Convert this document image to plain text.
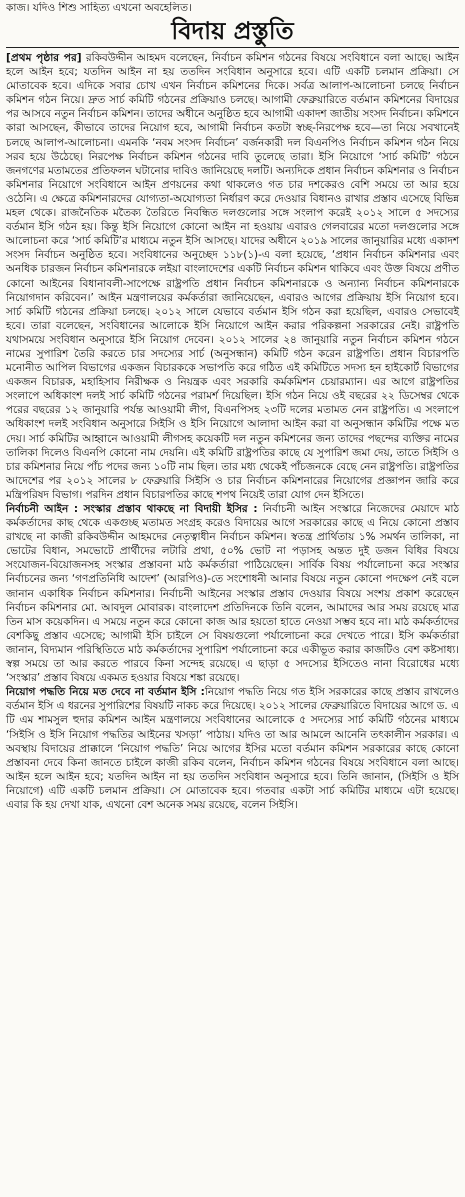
কাজ। যদিও শিশু সাহিত্য এখনো অবহেলিত।
বিদায় প্রস্তুতি

[প্রথম পৃষ্ঠার পর] রকিবউদ্দীন আহমদ বলেছেন, নির্বাচন কমিশন গঠনের বিষয়ে সংবিধানে বলা আছে। আইন হলে আইন হবে; যতদিন আইন না হয় ততদিন সংবিধান অনুসারে হবে। এটি একটি চলমান প্রক্রিয়া। সে মোতাবেক হবে। এদিকে সবার চোখ এখন নির্বাচন কমিশনের দিকে। সর্বত্র আলাপ-আলোচনা চলছে নির্বাচন কমিশন গঠন নিয়ে। দ্রুত সার্চ কমিটি গঠনের প্রক্রিয়াও চলছে। আগামী ফেব্রুয়ারিতে বর্তমান কমিশনের বিদায়ের পর আসবে নতুন নির্বাচন কমিশন। তাদের অধীনে অনুষ্ঠিত হবে আগামী একাদশ জাতীয় সংসদ নির্বাচন। কমিশনে কারা আসছেন, কীভাবে তাদের নিয়োগ হবে, আগামী নির্বাচন কতটা স্বচ্ছ-নিরপেক্ষ হবে—তা নিয়ে সবখানেই চলছে আলাপ-আলোচনা। এমনকি ‘নবম সংসদ নির্বাচন’ বর্জনকারী দল বিএনপিও নির্বাচন কমিশন গঠন নিয়ে সরব হয়ে উঠেছে। নিরপেক্ষ নির্বাচন কমিশন গঠনের দাবি তুলেছে তারা। ইসি নিয়োগে ‘সার্চ কমিটি’ গঠনে জনগণের মতামতের প্রতিফলন ঘটানোর দাবিও জানিয়েছে দলটি। অন্যদিকে প্রধান নির্বাচন কমিশনার ও নির্বাচন কমিশনার নিয়োগে সংবিধানে আইন প্রণয়নের কথা থাকলেও গত চার দশকেরও বেশি সময়ে তা আর হয়ে ওঠেনি। এ ক্ষেত্রে কমিশনারদের যোগ্যতা-অযোগ্যতা নির্ধারণ করে দেওয়ার বিধানও রাখার প্রস্তাব এসেছে বিভিন্ন মহল থেকে। রাজনৈতিক মতৈক্য তৈরিতে নিবন্ধিত দলগুলোর সঙ্গে সংলাপ করেই ২০১২ সালে ৫ সদস্যের বর্তমান ইসি গঠন হয়। কিন্তু ইসি নিয়োগে কোনো আইন না হওয়ায় এবারও গেলবারের মতো দলগুলোর সঙ্গে আলোচনা করে ‘সার্চ কমিটি’র মাধ্যমে নতুন ইসি আসছে। যাদের অধীনে ২০১৯ সালের জানুয়ারির মধ্যে একাদশ সংসদ নির্বাচন অনুষ্ঠিত হবে। সংবিধানের অনুচ্ছেদ ১১৮(১)-এ বলা হয়েছে, ‘প্রধান নির্বাচন কমিশনার এবং অনধিক চারজন নির্বাচন কমিশনারকে লইয়া বাংলাদেশের একটি নির্বাচন কমিশন থাকিবে এবং উক্ত বিষয়ে প্রণীত কোনো আইনের বিধানাবলী-সাপেক্ষে রাষ্ট্রপতি প্রধান নির্বাচন কমিশনারকে ও অন্যান্য নির্বাচন কমিশনারকে নিয়োগদান করিবেন।’ আইন মন্ত্রণালয়ের কর্মকর্তারা জানিয়েছেন, এবারও আগের প্রক্রিয়ায় ইসি নিয়োগ হবে। সার্চ কমিটি গঠনের প্রক্রিয়া চলছে। ২০১২ সালে যেভাবে বর্তমান ইসি গঠন করা হয়েছিল, এবারও সেভাবেই হবে। তারা বলেছেন, সংবিধানের আলোকে ইসি নিয়োগে আইন করার পরিকল্পনা সরকারের নেই। রাষ্ট্রপতি যথাসময়ে সংবিধান অনুসারে ইসি নিয়োগ দেবেন। ২০১২ সালের ২৪ জানুয়ারি নতুন নির্বাচন কমিশন গঠনে নামের সুপারিশ তৈরি করতে চার সদস্যের সার্চ (অনুসন্ধান) কমিটি গঠন করেন রাষ্ট্রপতি। প্রধান বিচারপতি মনোনীত আপিল বিভাগের একজন বিচারককে সভাপতি করে গঠিত এই কমিটিতে সদস্য হন হাইকোর্ট বিভাগের একজন বিচারক, মহাহিসাব নিরীক্ষক ও নিয়ন্ত্রক এবং সরকারি কর্মকমিশন চেয়ারম্যান। এর আগে রাষ্ট্রপতির সংলাপে অধিকাংশ দলই সার্চ কমিটি গঠনের পরামর্শ দিয়েছিল। ইসি গঠন নিয়ে ওই বছরের ২২ ডিসেম্বর থেকে পরের বছরের ১২ জানুয়ারি পর্যন্ত আওয়ামী লীগ, বিএনপিসহ ২৩টি দলের মতামত নেন রাষ্ট্রপতি। এ সংলাপে অধিকাংশ দলই সংবিধান অনুসারে সিইসি ও ইসি নিয়োগে আলাদা আইন করা বা অনুসন্ধান কমিটির পক্ষে মত দেয়। সার্চ কমিটির আহ্বানে আওয়ামী লীগসহ কয়েকটি দল নতুন কমিশনের জন্য তাদের পছন্দের ব্যক্তির নামের তালিকা দিলেও বিএনপি কোনো নাম দেয়নি। এই কমিটি রাষ্ট্রপতির কাছে যে সুপারিশ জমা দেয়, তাতে সিইসি ও চার কমিশনার নিয়ে পাঁচ পদের জন্য ১০টি নাম ছিল। তার মধ্য থেকেই পাঁচজনকে বেছে নেন রাষ্ট্রপতি। রাষ্ট্রপতির আদেশের পর ২০১২ সালের ৮ ফেব্রুয়ারি সিইসি ও চার নির্বাচন কমিশনারের নিয়োগের প্রজ্ঞাপন জারি করে মন্ত্রিপরিষদ বিভাগ। পরদিন প্রধান বিচারপতির কাছে শপথ নিয়েই তারা যোগ দেন ইসিতে।

নির্বাচনী আইন : সংস্কার প্রস্তাব থাকছে না বিদায়ী ইসির : নির্বাচনী আইন সংস্কারে নিজেদের মেয়াদে মাঠ কর্মকর্তাদের কাছ থেকে একগুচ্ছ মতামত সংগ্রহ করেও বিদায়ের আগে সরকারের কাছে এ নিয়ে কোনো প্রস্তাব রাখছে না কাজী রকিবউদ্দীন আহমদের নেতৃত্বাধীন নির্বাচন কমিশন। স্বতন্ত্র প্রার্থিতায় ১% সমর্থন তালিকা, না ভোটের বিধান, সমভোটে প্রার্থীদের লটারি প্রথা, ৫০% ভোট না পড়াসহ অন্তত দুই ডজন বিধির বিষয়ে সংযোজন-বিয়োজনসহ সংস্কার প্রস্তাবনা মাঠ কর্মকর্তারা পাঠিয়েছেন। সার্বিক বিষয় পর্যালোচনা করে সংস্কার নির্বাচনের জন্য ‘গণপ্রতিনিধি আদেশ’ (আরপিও)-তে সংশোধনী আনার বিষয়ে নতুন কোনো পদক্ষেপ নেই বলে জানান একাধিক নির্বাচন কমিশনার। নির্বাচনী আইনের সংস্কার প্রস্তাব দেওয়ার বিষয়ে সংশয় প্রকাশ করেছেন নির্বাচন কমিশনার মো. আবদুল মোবারক। বাংলাদেশ প্রতিদিনকে তিনি বলেন, আমাদের আর সময় রয়েছে মাত্র তিন মাস কয়েকদিন। এ সময়ে নতুন করে কোনো কাজ আর হয়তো হাতে নেওয়া সম্ভব হবে না। মাঠ কর্মকর্তাদের বেশকিছু প্রস্তাব এসেছে; আগামী ইসি চাইলে সে বিষয়গুলো পর্যালোচনা করে দেখতে পারে। ইসি কর্মকর্তারা জানান, বিদ্যমান পরিস্থিতিতে মাঠ কর্মকর্তাদের সুপারিশ পর্যালোচনা করে একীভূত করার কাজটিও বেশ কষ্টসাধ্য। স্বল্প সময়ে তা আর করতে পারবে কিনা সন্দেহ রয়েছে। এ ছাড়া ৫ সদস্যের ইসিতেও নানা বিরোধের মধ্যে ‘সংস্কার’ প্রস্তাব বিষয়ে একমত হওয়ার বিষয়ে শঙ্কা রয়েছে।

নিয়োগ পদ্ধতি নিয়ে মত দেবে না বর্তমান ইসি :নিয়োগ পদ্ধতি নিয়ে গত ইসি সরকারের কাছে প্রস্তাব রাখলেও বর্তমান ইসি এ ধরনের সুপারিশের বিষয়টি নাকচ করে দিয়েছে। ২০১২ সালের ফেব্রুয়ারিতে বিদায়ের আগে ড. এ টি এম শামসুল হুদার কমিশন আইন মন্ত্রণালয়ে সংবিধানের আলোকে ৫ সদস্যের সার্চ কমিটি গঠনের মাধ্যমে ‘সিইসি ও ইসি নিয়োগ পদ্ধতির আইনের খসড়া’ পাঠায়। যদিও তা আর আমলে আনেনি তৎকালীন সরকার। এ অবস্থায় বিদায়ের প্রাক্কালে ‘নিয়োগ পদ্ধতি’ নিয়ে আগের ইসির মতো বর্তমান কমিশন সরকারের কাছে কোনো প্রস্তাবনা দেবে কিনা জানতে চাইলে কাজী রকিব বলেন, নির্বাচন কমিশন গঠনের বিষয়ে সংবিধানে বলা আছে। আইন হলে আইন হবে; যতদিন আইন না হয় ততদিন সংবিধান অনুসারে হবে। তিনি জানান, (সিইসি ও ইসি নিয়োগে) এটি একটি চলমান প্রক্রিয়া। সে মোতাবেক হবে। গতবার একটা সার্চ কমিটির মাধ্যমে এটা হয়েছে। এবার কি হয় দেখা যাক, এখনো বেশ অনেক সময় রয়েছে, বলেন সিইসি।
